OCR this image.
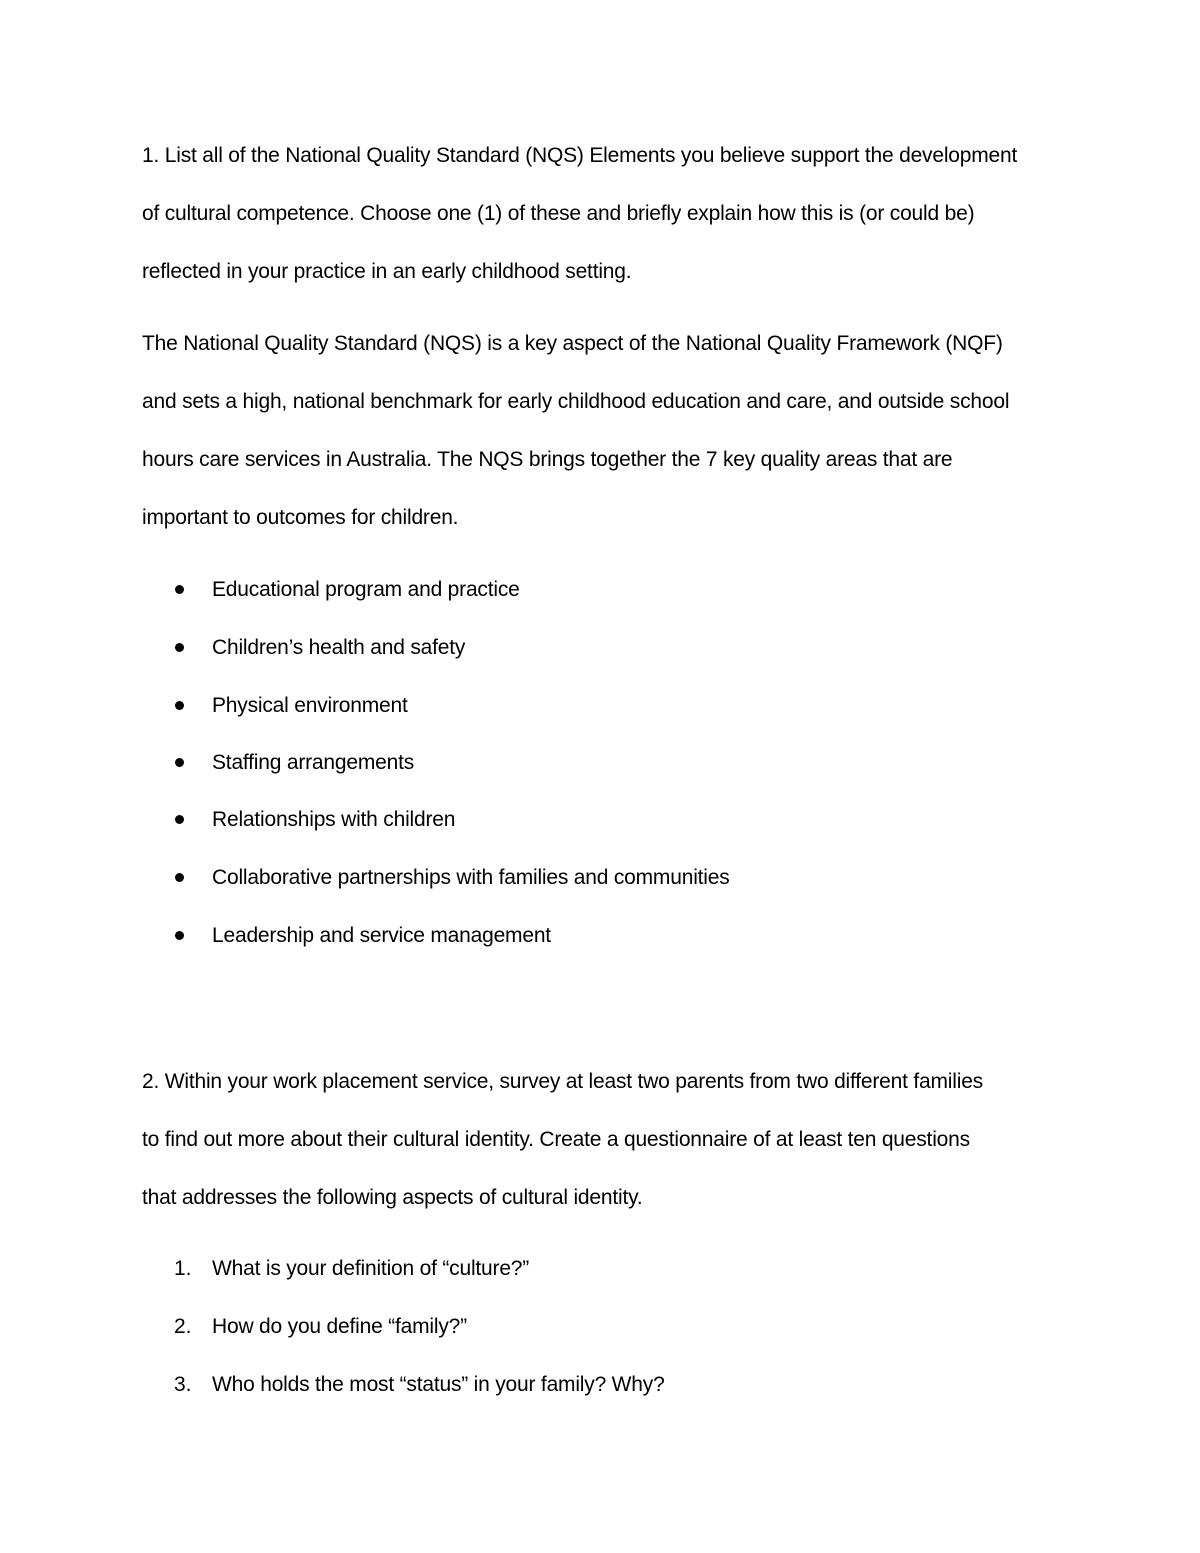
1. List all of the National Quality Standard (NQS) Elements you believe support the development
of cultural competence. Choose one (1) of these and briefly explain how this is (or could be)
reflected in your practice in an early childhood setting.
The National Quality Standard (NQS) is a key aspect of the National Quality Framework (NQF)
and sets a high, national benchmark for early childhood education and care, and outside school
hours care services in Australia. The NQS brings together the 7 key quality areas that are
important to outcomes for children.
Educational program and practice
Children’s health and safety
Physical environment
Staffing arrangements
Relationships with children
Collaborative partnerships with families and communities
Leadership and service management
2. Within your work placement service, survey at least two parents from two different families
to find out more about their cultural identity. Create a questionnaire of at least ten questions
that addresses the following aspects of cultural identity.
1. What is your definition of “culture?”
2. How do you define “family?”
3. Who holds the most “status” in your family? Why?
